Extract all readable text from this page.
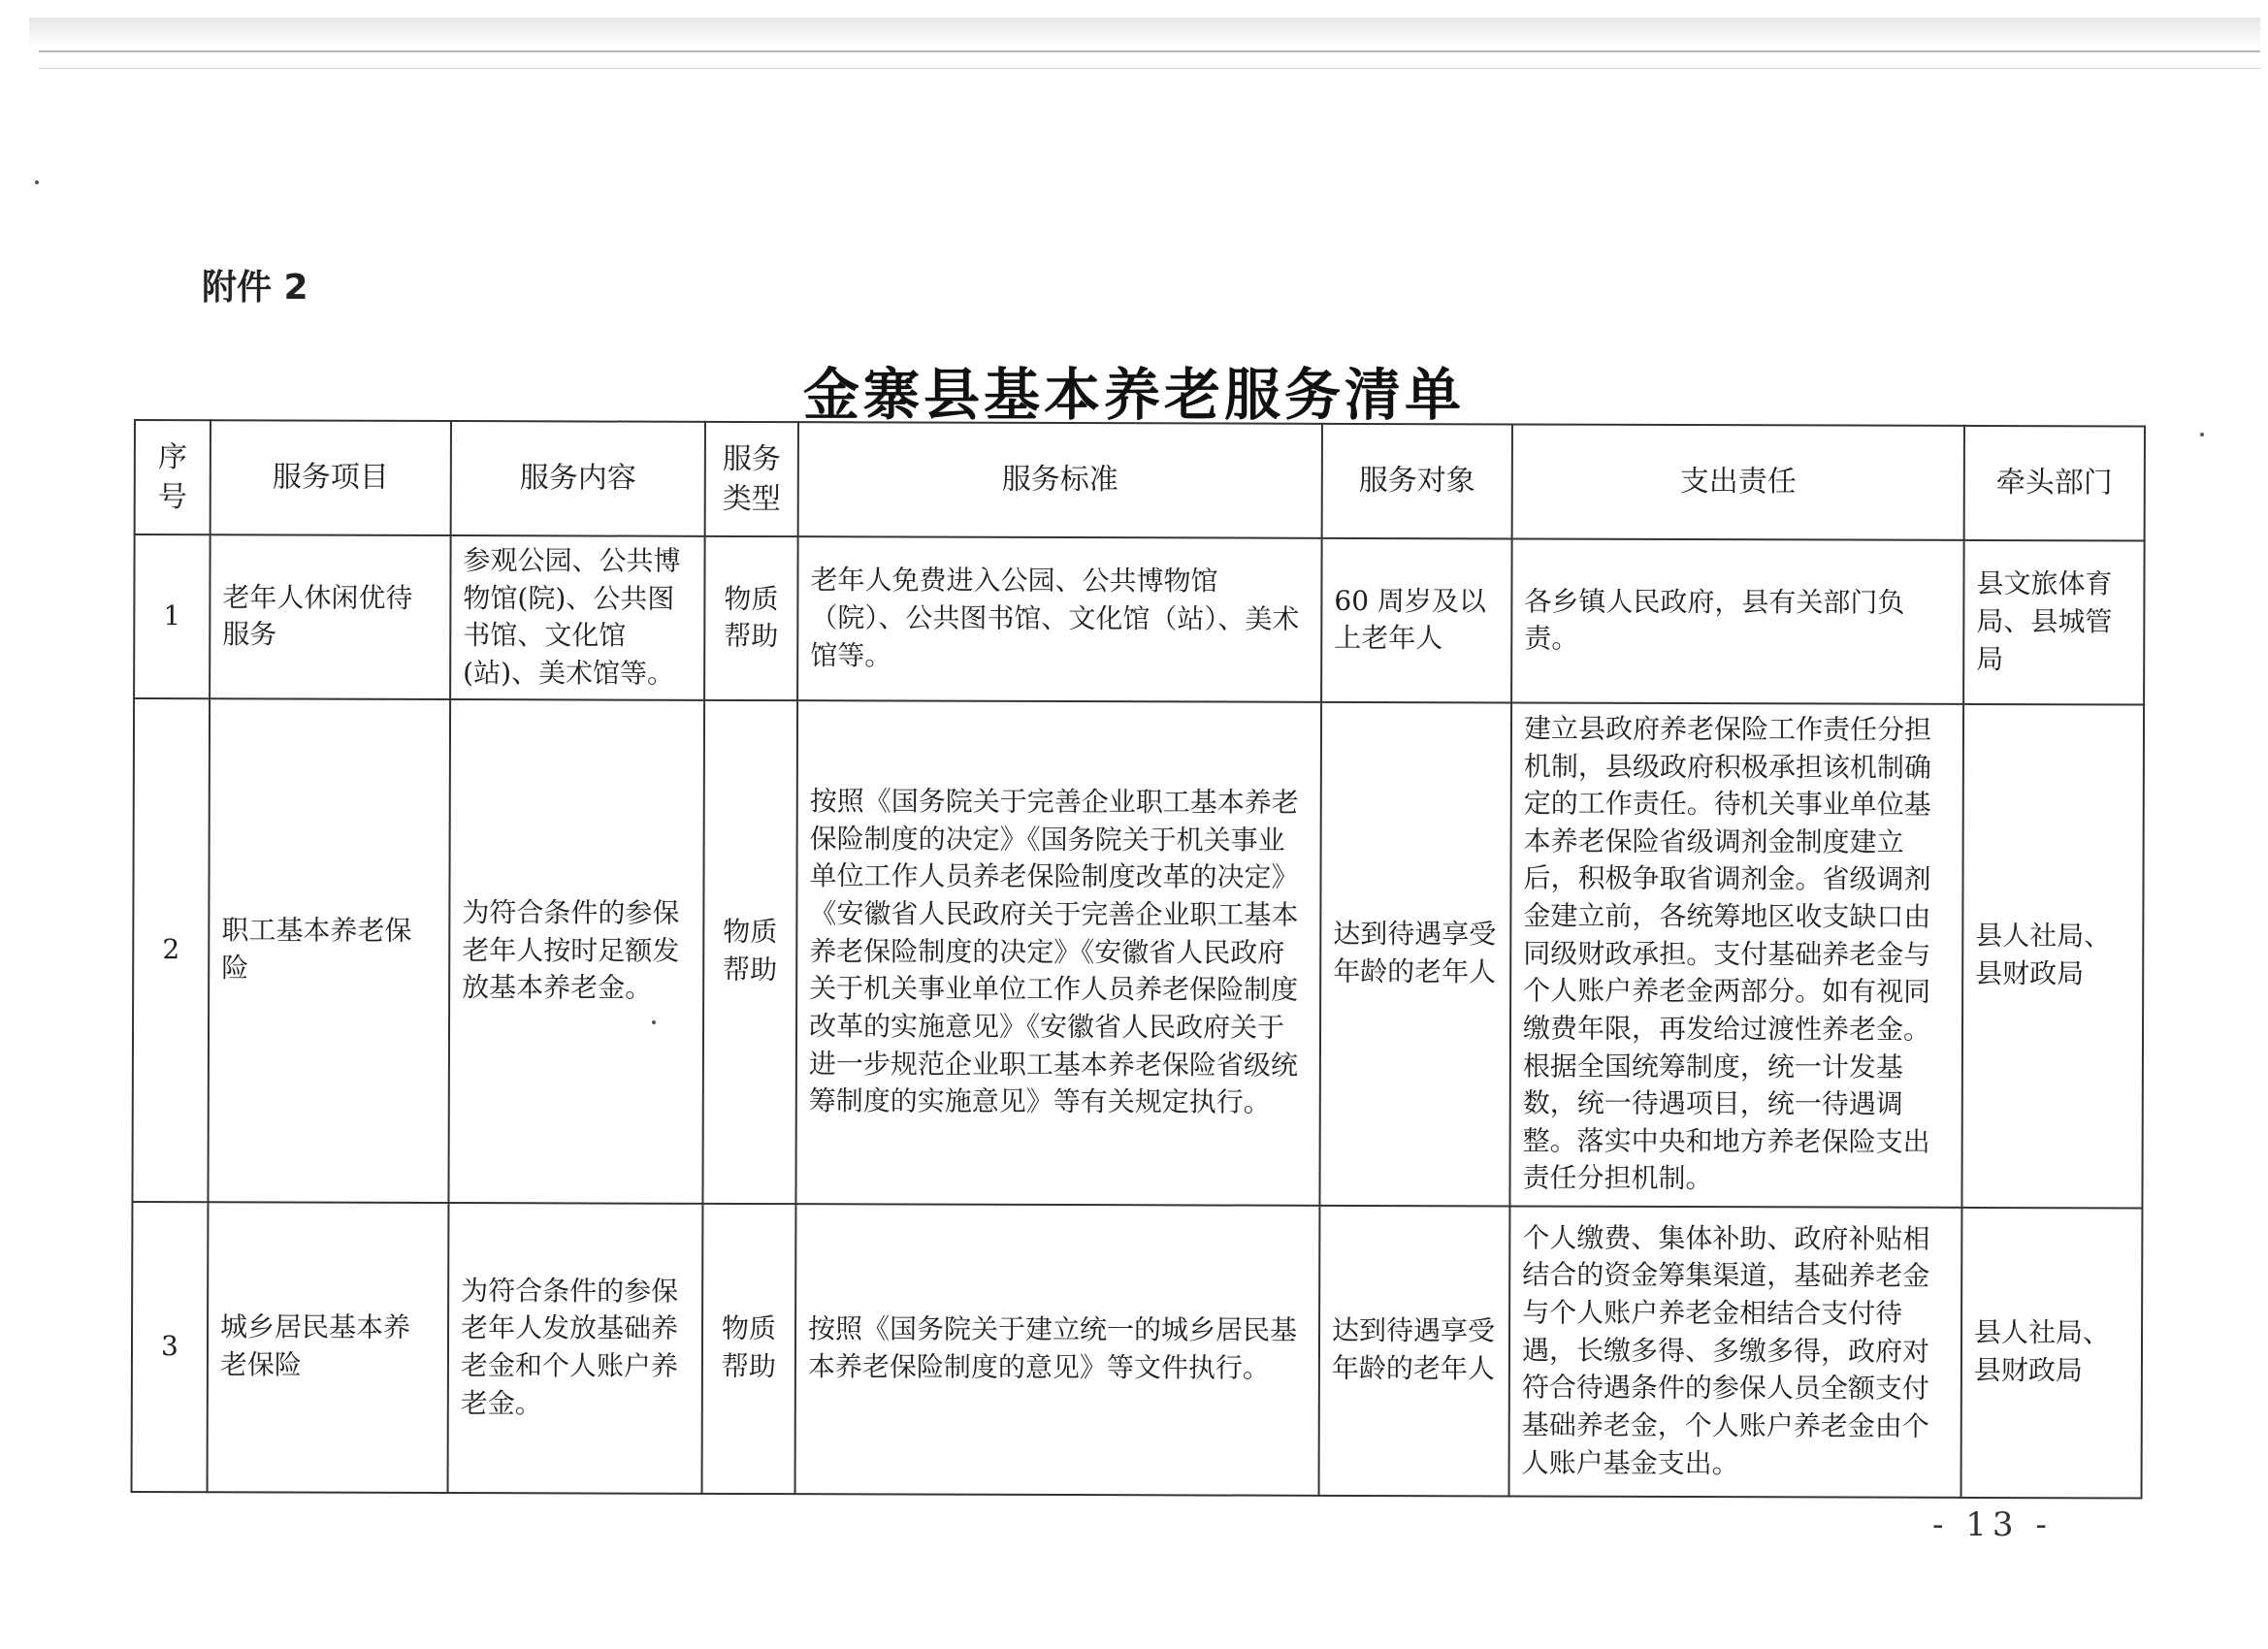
附件 2
金寨县基本养老服务清单
序号	服务项目	服务内容	服务类型	服务标准	服务对象	支出责任	牵头部门
1	老年人休闲优待服务	参观公园、公共博物馆(院)、公共图书馆、文化馆(站)、美术馆等。	物质帮助	老年人免费进入公园、公共博物馆（院）、公共图书馆、文化馆（站）、美术馆等。	60 周岁及以上老年人	各乡镇人民政府，县有关部门负责。	县文旅体育局、县城管局
2	职工基本养老保险	为符合条件的参保老年人按时足额发放基本养老金。	物质帮助	按照《国务院关于完善企业职工基本养老保险制度的决定》《国务院关于机关事业单位工作人员养老保险制度改革的决定》《安徽省人民政府关于完善企业职工基本养老保险制度的决定》《安徽省人民政府关于机关事业单位工作人员养老保险制度改革的实施意见》《安徽省人民政府关于进一步规范企业职工基本养老保险省级统筹制度的实施意见》等有关规定执行。	达到待遇享受年龄的老年人	建立县政府养老保险工作责任分担机制，县级政府积极承担该机制确定的工作责任。待机关事业单位基本养老保险省级调剂金制度建立后，积极争取省调剂金。省级调剂金建立前，各统筹地区收支缺口由同级财政承担。支付基础养老金与个人账户养老金两部分。如有视同缴费年限，再发给过渡性养老金。根据全国统筹制度，统一计发基数，统一待遇项目，统一待遇调整。落实中央和地方养老保险支出责任分担机制。	县人社局、县财政局
3	城乡居民基本养老保险	为符合条件的参保老年人发放基础养老金和个人账户养老金。	物质帮助	按照《国务院关于建立统一的城乡居民基本养老保险制度的意见》等文件执行。	达到待遇享受年龄的老年人	个人缴费、集体补助、政府补贴相结合的资金筹集渠道，基础养老金与个人账户养老金相结合支付待遇，长缴多得、多缴多得，政府对符合待遇条件的参保人员全额支付基础养老金，个人账户养老金由个人账户基金支出。	县人社局、县财政局
- 13 -
